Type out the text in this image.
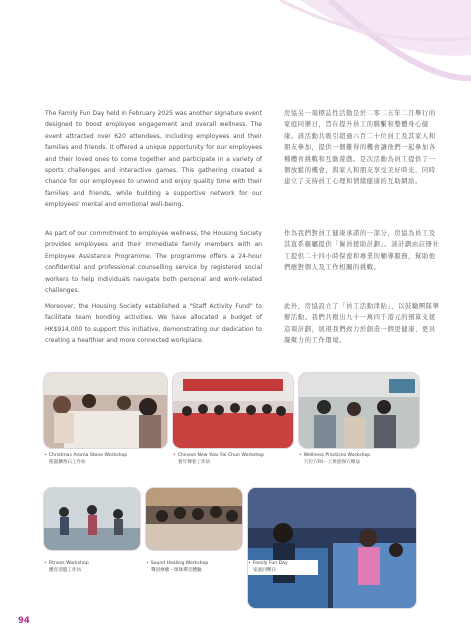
The Family Fun Day held in February 2025 was another signature event designed to boost employee engagement and overall wellness. The event attracted over 620 attendees, including employees and their families and friends. It offered a unique opportunity for our employees and their loved ones to come together and participate in a variety of sports challenges and interactive games. This gathering created a chance for our employees to unwind and enjoy quality time with their families and friends, while building a supportive network for our employees' mental and emotional well-being.

房協另一項標誌性活動是於二零二五年二月舉行的家庭同樂日，旨在提升員工的聯繫和整體身心健康。該活動共吸引超過六百二十位員工及其家人和朋友參加，提供一個難得的機會讓他們一起參加各種體育挑戰和互動遊戲。是次活動為員工提供了一個放鬆的機會，與家人和朋友享受美好時光，同時建立了支持員工心理和情緒健康的互助網絡。

As part of our commitment to employee wellness, the Housing Society provides employees and their immediate family members with an Employee Assistance Programme. The programme offers a 24-hour confidential and professional counselling service by registered social workers to help individuals navigate both personal and work-related challenges.

作為我們對員工健康承諾的一部分，房協為員工及其直系親屬提供「僱員援助計劃」。該計劃由註冊社工提供二十四小時保密和專業的輔導服務，幫助他們應對個人及工作相關的挑戰。

Moreover, the Housing Society established a "Staff Activity Fund" to facilitate team bonding activities. We have allocated a budget of HK$914,000 to support this initiative, demonstrating our dedication to creating a healthier and more connected workplace.

此外，房協設立了「員工活動津貼」，以鼓勵團隊舉辦活動。我們共撥出九十一萬四千港元的預算支援這項計劃，展現我們致力於創造一個更健康、更具凝聚力的工作環境。

• Christmas Aroma Stone Workshop
聖誕擴香石工作坊
• Chinese New Year Fai Chun Workshop
賀年揮春工作坊
• Wellness Practices Workshop
穴位穴Fit－上班族保穴療法
• Fitness Workshop
體育消脂工作坊
• Sound Healing Workshop
聲浴療癒－頌缽禪音體驗
• Family Fun Day
家庭同樂日
94
